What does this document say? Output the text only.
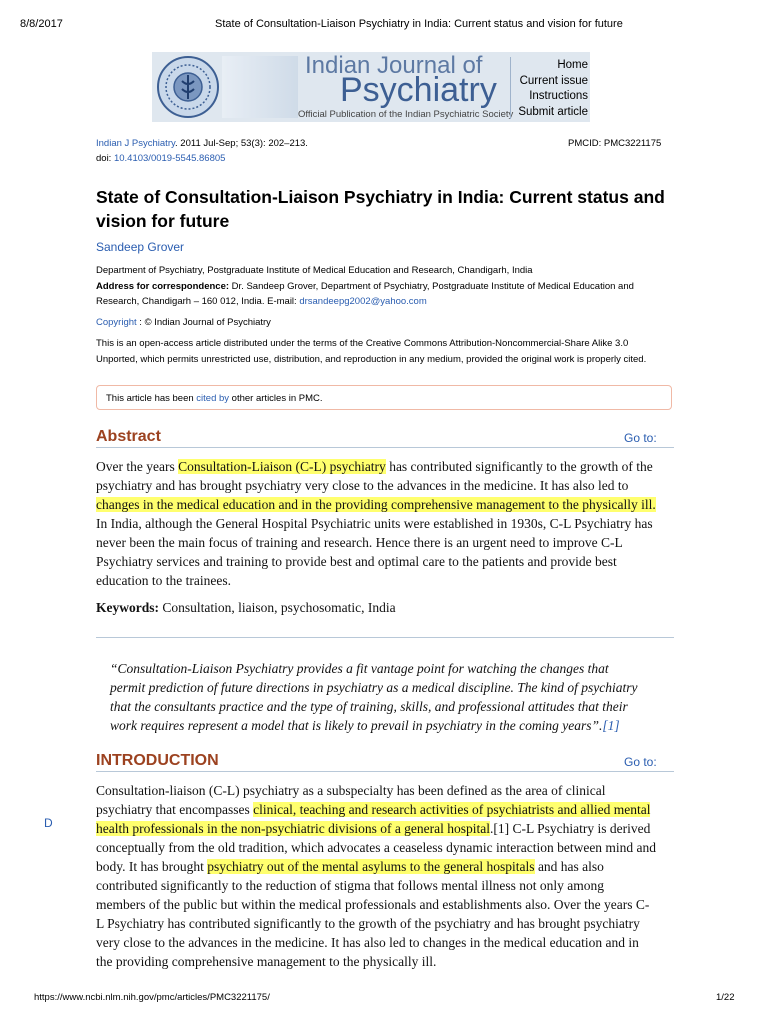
8/8/2017	State of Consultation-Liaison Psychiatry in India: Current status and vision for future
Indian Journal of
Psychiatry
Official Publication of the Indian Psychiatric Society
Home
Current issue
Instructions
Submit article
Indian J Psychiatry. 2011 Jul-Sep; 53(3): 202–213.
doi: 10.4103/0019-5545.86805
PMCID: PMC3221175
State of Consultation-Liaison Psychiatry in India: Current status and vision for future
Sandeep Grover
Department of Psychiatry, Postgraduate Institute of Medical Education and Research, Chandigarh, India
Address for correspondence: Dr. Sandeep Grover, Department of Psychiatry, Postgraduate Institute of Medical Education and
Research, Chandigarh – 160 012, India. E-mail: drsandeepg2002@yahoo.com
Copyright : © Indian Journal of Psychiatry
This is an open-access article distributed under the terms of the Creative Commons Attribution-Noncommercial-Share Alike 3.0
Unported, which permits unrestricted use, distribution, and reproduction in any medium, provided the original work is properly cited.
This article has been cited by other articles in PMC.
Abstract	Go to:
Over the years Consultation-Liaison (C-L) psychiatry has contributed significantly to the growth of the
psychiatry and has brought psychiatry very close to the advances in the medicine. It has also led to
changes in the medical education and in the providing comprehensive management to the physically ill.
In India, although the General Hospital Psychiatric units were established in 1930s, C-L Psychiatry has
never been the main focus of training and research. Hence there is an urgent need to improve C-L
Psychiatry services and training to provide best and optimal care to the patients and provide best
education to the trainees.
Keywords: Consultation, liaison, psychosomatic, India
“Consultation-Liaison Psychiatry provides a fit vantage point for watching the changes that
permit prediction of future directions in psychiatry as a medical discipline. The kind of psychiatry
that the consultants practice and the type of training, skills, and professional attitudes that their
work requires represent a model that is likely to prevail in psychiatry in the coming years”.[1]
INTRODUCTION	Go to:
D
Consultation-liaison (C-L) psychiatry as a subspecialty has been defined as the area of clinical
psychiatry that encompasses clinical, teaching and research activities of psychiatrists and allied mental
health professionals in the non-psychiatric divisions of a general hospital.[1] C-L Psychiatry is derived
conceptually from the old tradition, which advocates a ceaseless dynamic interaction between mind and
body. It has brought psychiatry out of the mental asylums to the general hospitals and has also
contributed significantly to the reduction of stigma that follows mental illness not only among
members of the public but within the medical professionals and establishments also. Over the years C-
L Psychiatry has contributed significantly to the growth of the psychiatry and has brought psychiatry
very close to the advances in the medicine. It has also led to changes in the medical education and in
the providing comprehensive management to the physically ill.
https://www.ncbi.nlm.nih.gov/pmc/articles/PMC3221175/	1/22
